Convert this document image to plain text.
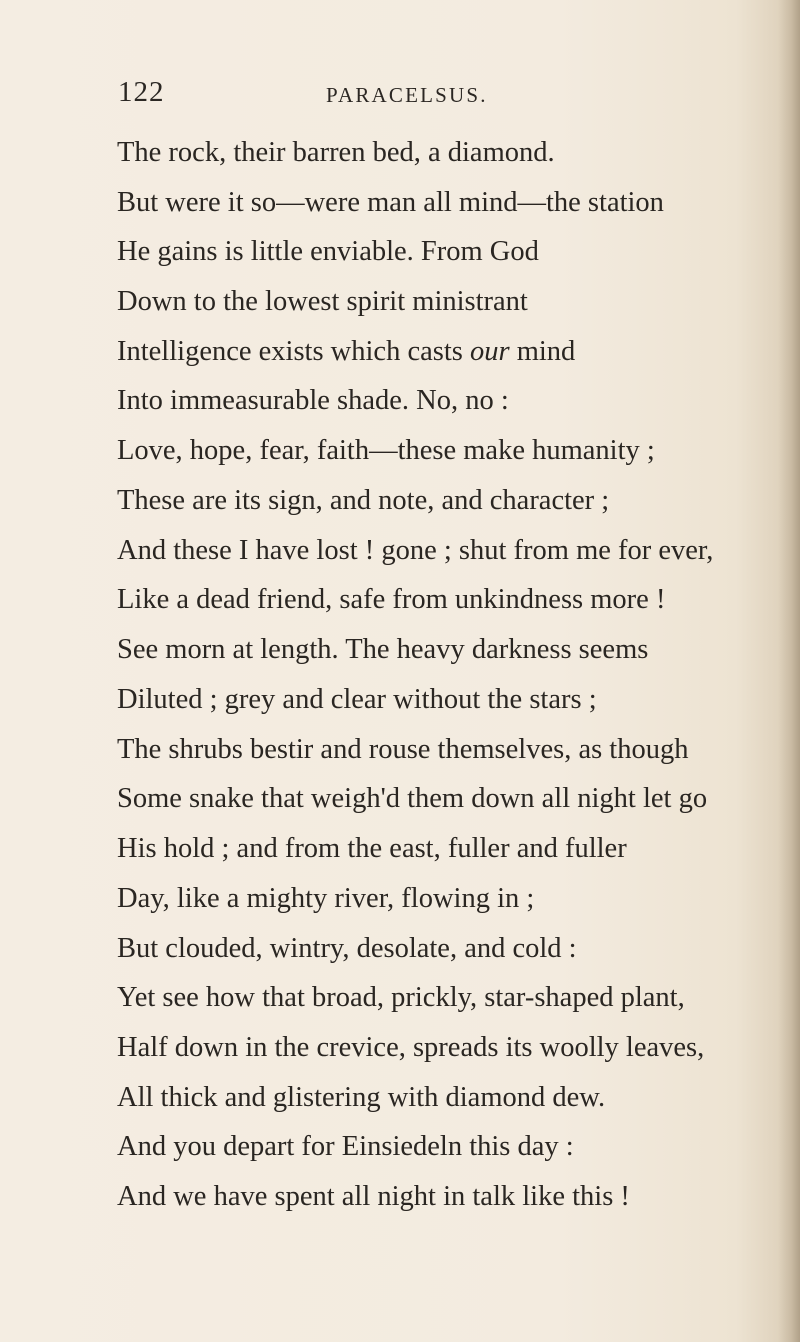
122	PARACELSUS.
The rock, their barren bed, a diamond.
But were it so—were man all mind—the station
He gains is little enviable. From God
Down to the lowest spirit ministrant
Intelligence exists which casts our mind
Into immeasurable shade. No, no :
Love, hope, fear, faith—these make humanity ;
These are its sign, and note, and character ;
And these I have lost ! gone ; shut from me for ever,
Like a dead friend, safe from unkindness more !
See morn at length. The heavy darkness seems
Diluted ; grey and clear without the stars ;
The shrubs bestir and rouse themselves, as though
Some snake that weigh'd them down all night let go
His hold ; and from the east, fuller and fuller
Day, like a mighty river, flowing in ;
But clouded, wintry, desolate, and cold :
Yet see how that broad, prickly, star-shaped plant,
Half down in the crevice, spreads its woolly leaves,
All thick and glistering with diamond dew.
And you depart for Einsiedeln this day :
And we have spent all night in talk like this !
